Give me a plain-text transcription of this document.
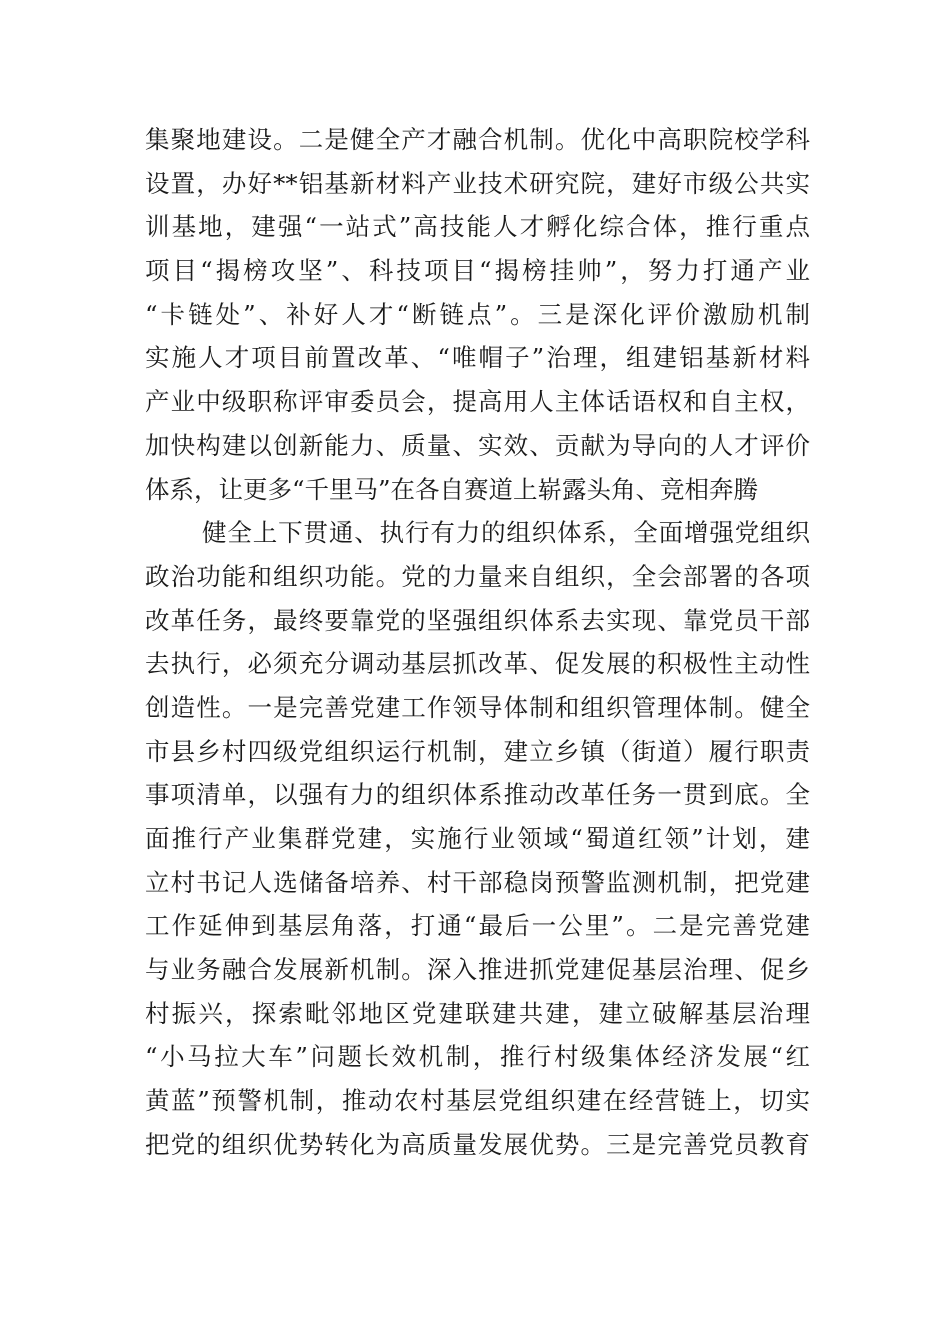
集聚地建设。二是健全产才融合机制。优化中高职院校学科
设置，办好**铝基新材料产业技术研究院，建好市级公共实
训基地，建强“一站式”高技能人才孵化综合体，推行重点
项目“揭榜攻坚”、科技项目“揭榜挂帅”，努力打通产业
“卡链处”、补好人才“断链点”。三是深化评价激励机制
实施人才项目前置改革、“唯帽子”治理，组建铝基新材料
产业中级职称评审委员会，提高用人主体话语权和自主权，
加快构建以创新能力、质量、实效、贡献为导向的人才评价
体系，让更多“千里马”在各自赛道上崭露头角、竞相奔腾
健全上下贯通、执行有力的组织体系，全面增强党组织
政治功能和组织功能。党的力量来自组织，全会部署的各项
改革任务，最终要靠党的坚强组织体系去实现、靠党员干部
去执行，必须充分调动基层抓改革、促发展的积极性主动性
创造性。一是完善党建工作领导体制和组织管理体制。健全
市县乡村四级党组织运行机制，建立乡镇（街道）履行职责
事项清单，以强有力的组织体系推动改革任务一贯到底。全
面推行产业集群党建，实施行业领域“蜀道红领”计划，建
立村书记人选储备培养、村干部稳岗预警监测机制，把党建
工作延伸到基层角落，打通“最后一公里”。二是完善党建
与业务融合发展新机制。深入推进抓党建促基层治理、促乡
村振兴，探索毗邻地区党建联建共建，建立破解基层治理
“小马拉大车”问题长效机制，推行村级集体经济发展“红
黄蓝”预警机制，推动农村基层党组织建在经营链上，切实
把党的组织优势转化为高质量发展优势。三是完善党员教育
